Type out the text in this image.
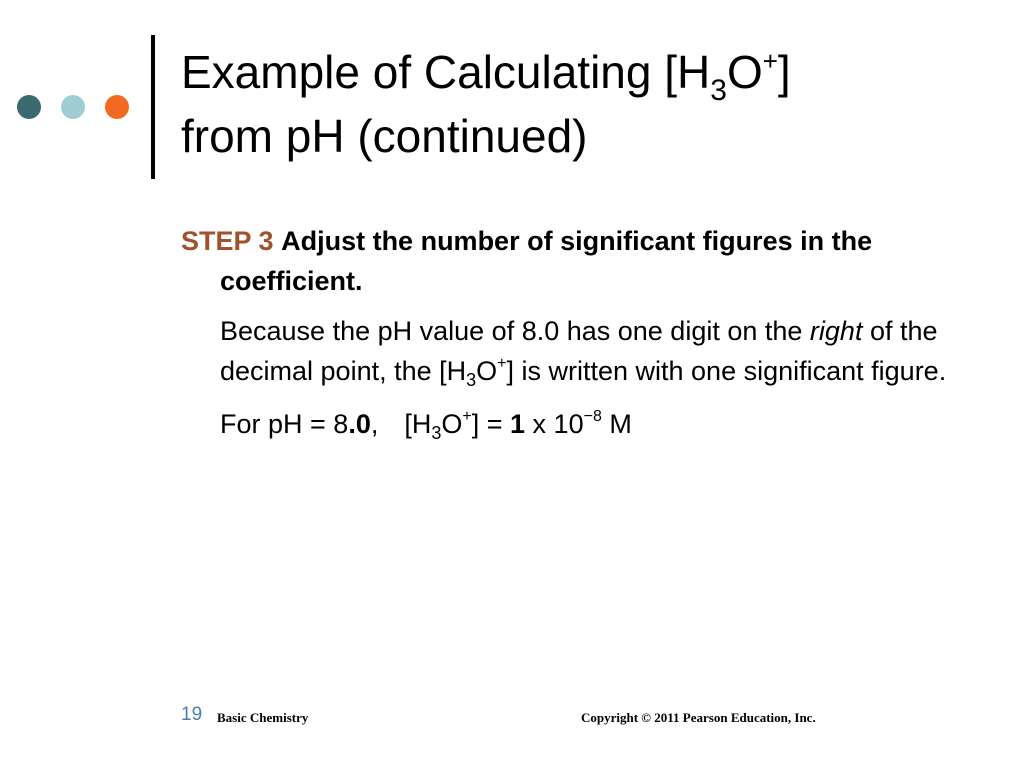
Example of Calculating $[H_3O^+]$
from pH (continued)

STEP 3 Adjust the number of significant figures in the coefficient.

Because the pH value of 8.0 has one digit on the right of the decimal point, the $[H_3O^+]$ is written with one significant figure.

For pH = 8.0, $[H_3O^+] = 1$ x $10^{-8}$ M

19 Basic Chemistry	Copyright © 2011 Pearson Education, Inc.
